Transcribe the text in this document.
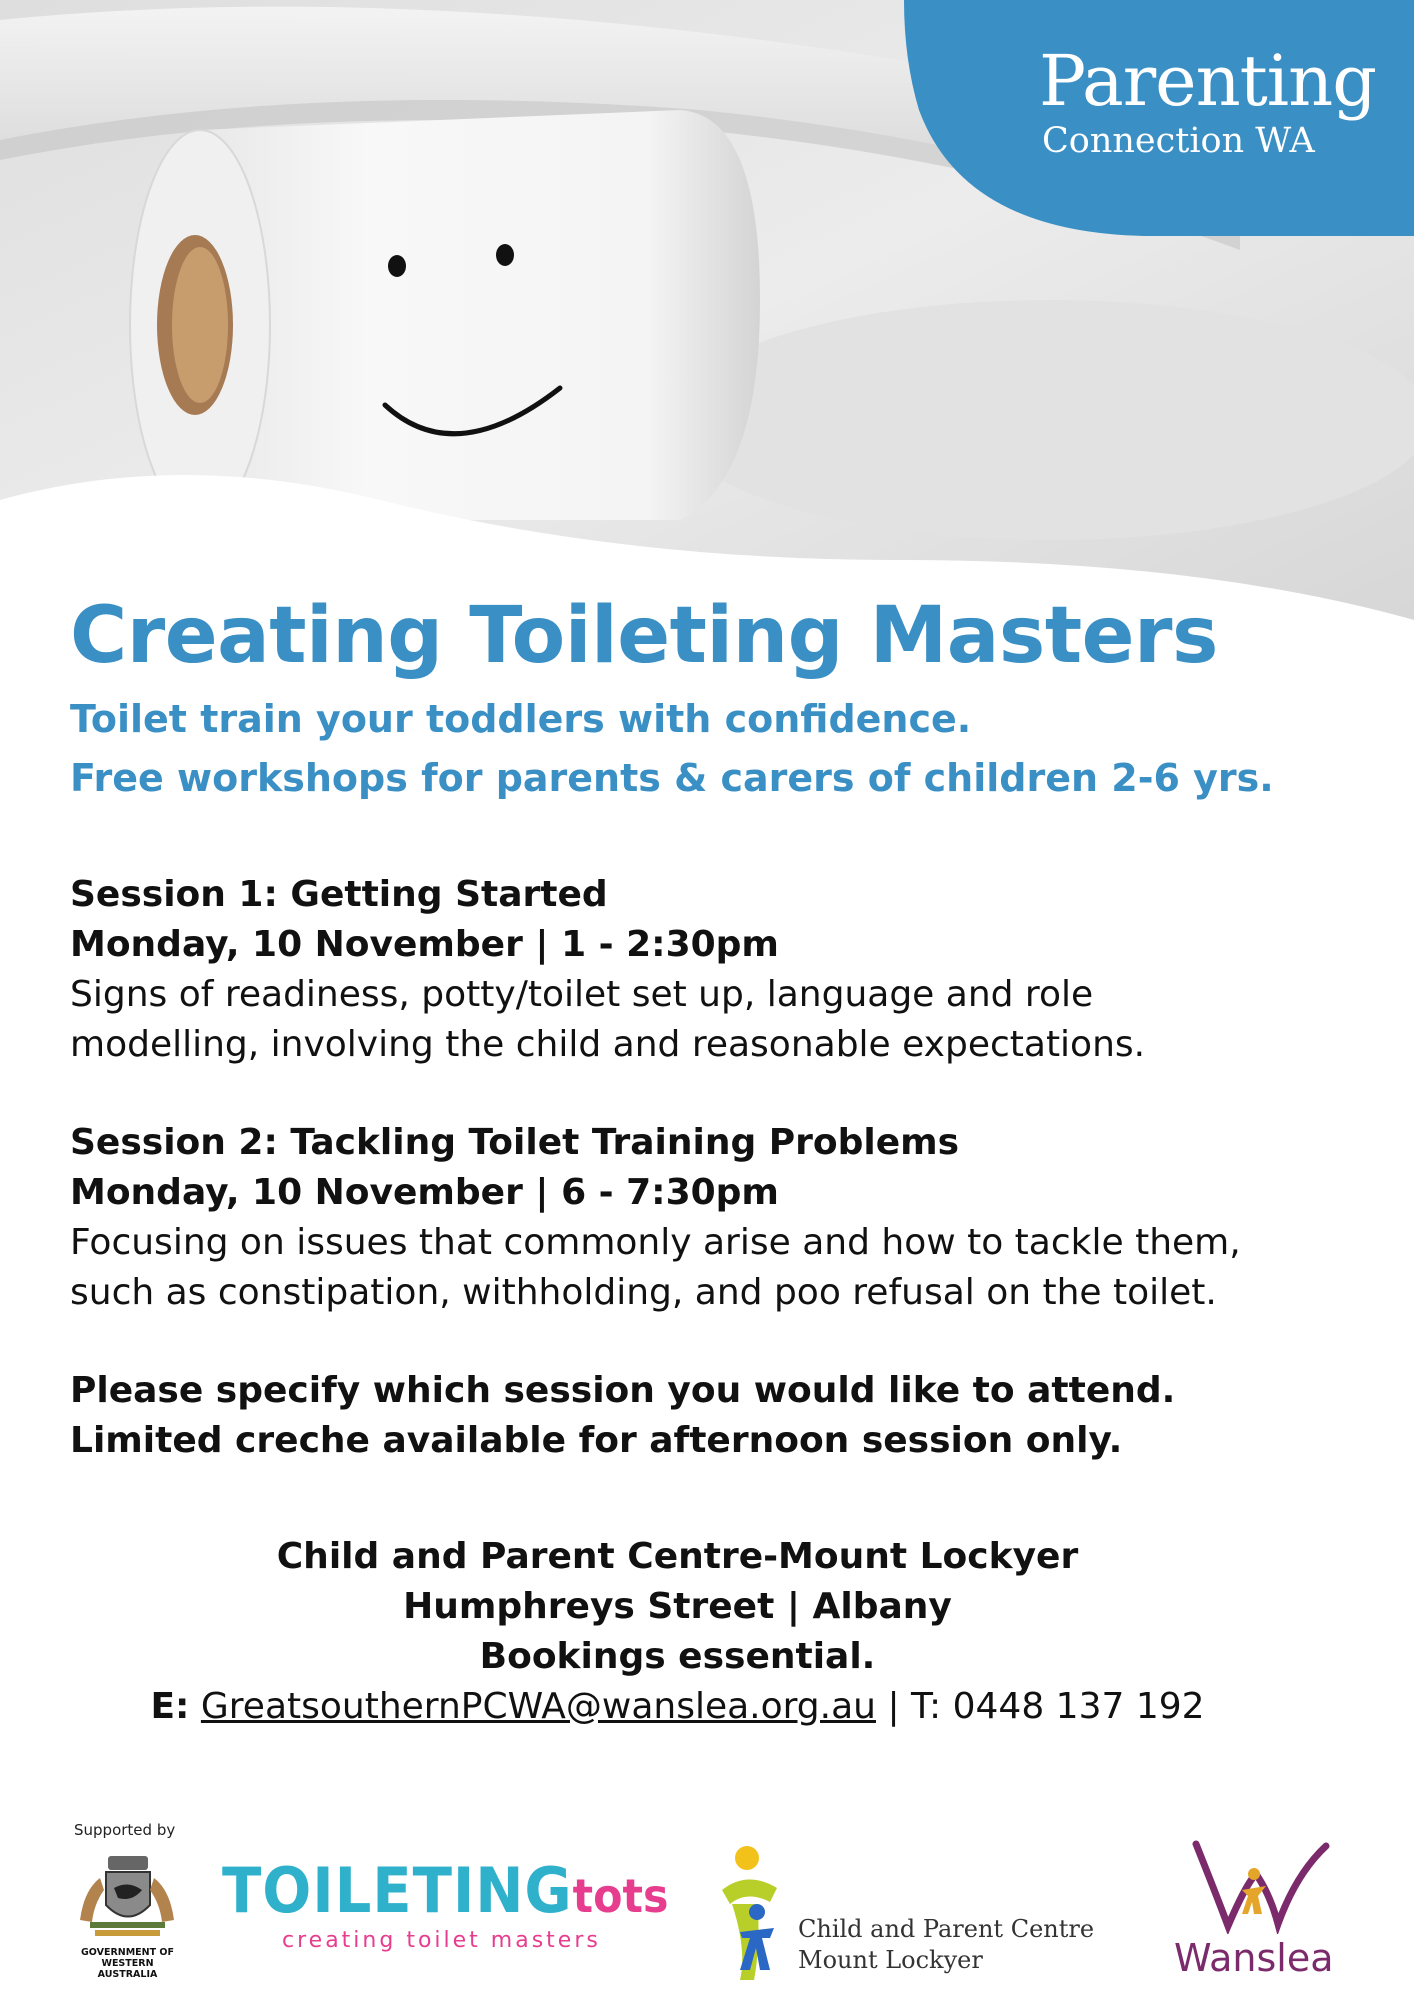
Parenting
Connection WA
Creating Toileting Masters
Toilet train your toddlers with confidence.
Free workshops for parents & carers of children 2-6 yrs.
Session 1: Getting Started
Monday, 10 November | 1 - 2:30pm
Signs of readiness, potty/toilet set up, language and role
modelling, involving the child and reasonable expectations.
Session 2: Tackling Toilet Training Problems
Monday, 10 November | 6 - 7:30pm
Focusing on issues that commonly arise and how to tackle them,
such as constipation, withholding, and poo refusal on the toilet.
Please specify which session you would like to attend.
Limited creche available for afternoon session only.
Child and Parent Centre-Mount Lockyer
Humphreys Street | Albany
Bookings essential.
E: GreatsouthernPCWA@wanslea.org.au | T: 0448 137 192
Supported by
GOVERNMENT OF
WESTERN AUSTRALIA
TOILETINGtots
creating toilet masters	Child and Parent Centre
Mount Lockyer	Wanslea
